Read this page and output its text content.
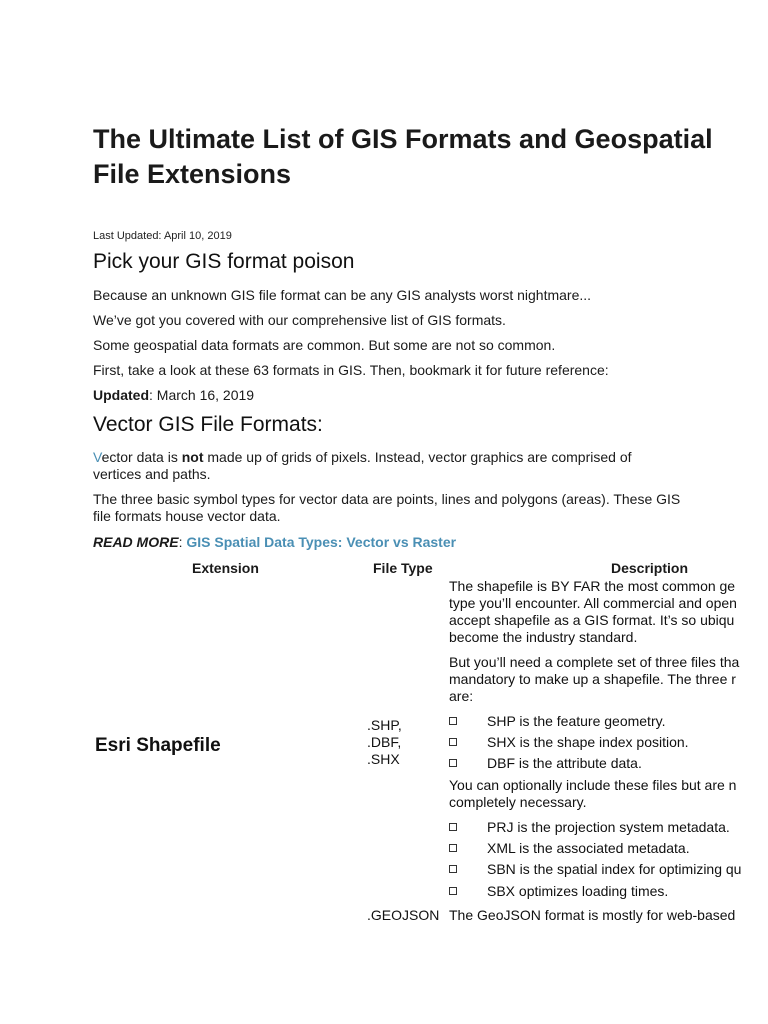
The Ultimate List of GIS Formats and Geospatial File Extensions
Last Updated: April 10, 2019
Pick your GIS format poison
Because an unknown GIS file format can be any GIS analysts worst nightmare...
We’ve got you covered with our comprehensive list of GIS formats.
Some geospatial data formats are common. But some are not so common.
First, take a look at these 63 formats in GIS. Then, bookmark it for future reference:
Updated: March 16, 2019
Vector GIS File Formats:
Vector data is not made up of grids of pixels. Instead, vector graphics are comprised of vertices and paths.
The three basic symbol types for vector data are points, lines and polygons (areas). These GIS file formats house vector data.
READ MORE: GIS Spatial Data Types: Vector vs Raster
Extension	File Type	Description
Esri Shapefile
.SHP,
.DBF,
.SHX
The shapefile is BY FAR the most common ge
type you’ll encounter. All commercial and open
accept shapefile as a GIS format. It’s so ubiqu
become the industry standard.
But you’ll need a complete set of three files tha
mandatory to make up a shapefile. The three r
are:
SHP is the feature geometry.
SHX is the shape index position.
DBF is the attribute data.
You can optionally include these files but are n
completely necessary.
PRJ is the projection system metadata.
XML is the associated metadata.
SBN is the spatial index for optimizing qu
SBX optimizes loading times.
.GEOJSON The GeoJSON format is mostly for web-based
